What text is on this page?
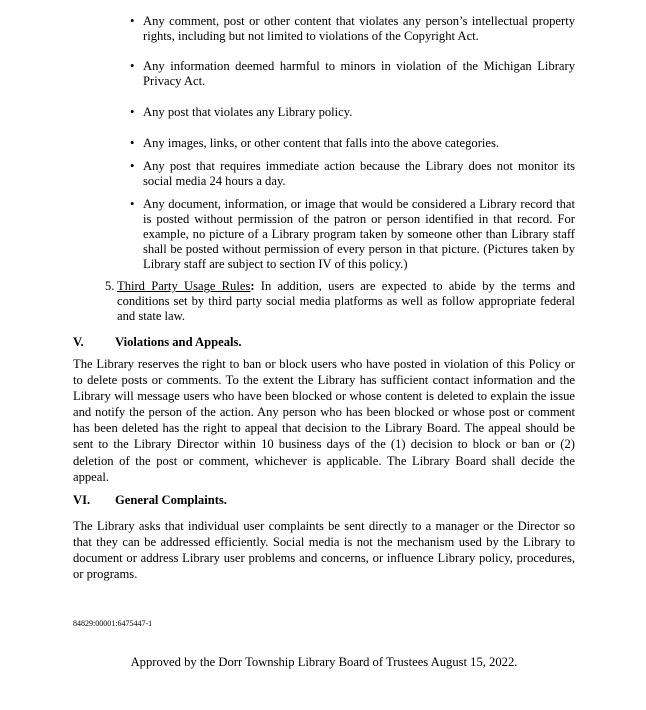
• Any comment, post or other content that violates any person’s intellectual property rights, including but not limited to violations of the Copyright Act.
• Any information deemed harmful to minors in violation of the Michigan Library Privacy Act.
• Any post that violates any Library policy.
• Any images, links, or other content that falls into the above categories.
• Any post that requires immediate action because the Library does not monitor its social media 24 hours a day.
• Any document, information, or image that would be considered a Library record that is posted without permission of the patron or person identified in that record. For example, no picture of a Library program taken by someone other than Library staff shall be posted without permission of every person in that picture. (Pictures taken by Library staff are subject to section IV of this policy.)
5. Third Party Usage Rules: In addition, users are expected to abide by the terms and conditions set by third party social media platforms as well as follow appropriate federal and state law.
V. Violations and Appeals.

The Library reserves the right to ban or block users who have posted in violation of this Policy or to delete posts or comments. To the extent the Library has sufficient contact information and the Library will message users who have been blocked or whose content is deleted to explain the issue and notify the person of the action. Any person who has been blocked or whose post or comment has been deleted has the right to appeal that decision to the Library Board. The appeal should be sent to the Library Director within 10 business days of the (1) decision to block or ban or (2) deletion of the post or comment, whichever is applicable. The Library Board shall decide the appeal.

VI. General Complaints.

The Library asks that individual user complaints be sent directly to a manager or the Director so that they can be addressed efficiently. Social media is not the mechanism used by the Library to document or address Library user problems and concerns, or influence Library policy, procedures, or programs.

84829:00001:6475447-1
Approved by the Dorr Township Library Board of Trustees August 15, 2022.
